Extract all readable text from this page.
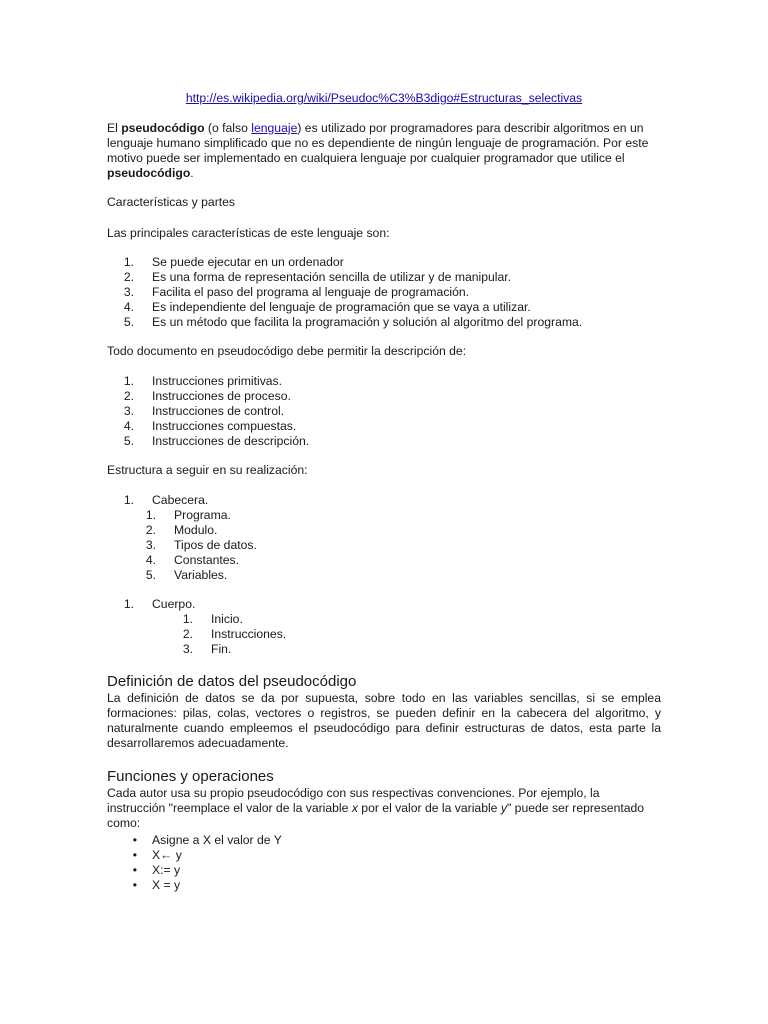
http://es.wikipedia.org/wiki/Pseudoc%C3%B3digo#Estructuras_selectivas

El pseudocódigo (o falso lenguaje) es utilizado por programadores para describir algoritmos en un lenguaje humano simplificado que no es dependiente de ningún lenguaje de programación. Por este motivo puede ser implementado en cualquiera lenguaje por cualquier programador que utilice el pseudocódigo.

Características y partes
Las principales características de este lenguaje son:
1. Se puede ejecutar en un ordenador
2. Es una forma de representación sencilla de utilizar y de manipular.
3. Facilita el paso del programa al lenguaje de programación.
4. Es independiente del lenguaje de programación que se vaya a utilizar.
5. Es un método que facilita la programación y solución al algoritmo del programa.
Todo documento en pseudocódigo debe permitir la descripción de:
1. Instrucciones primitivas.
2. Instrucciones de proceso.
3. Instrucciones de control.
4. Instrucciones compuestas.
5. Instrucciones de descripción.
Estructura a seguir en su realización:
1. Cabecera.
1. Programa.
2. Modulo.
3. Tipos de datos.
4. Constantes.
5. Variables.
1. Cuerpo.
1. Inicio.
2. Instrucciones.
3. Fin.
Definición de datos del pseudocódigo

La definición de datos se da por supuesta, sobre todo en las variables sencillas, si se emplea formaciones: pilas, colas, vectores o registros, se pueden definir en la cabecera del algoritmo, y naturalmente cuando empleemos el pseudocódigo para definir estructuras de datos, esta parte la desarrollaremos adecuadamente.

Funciones y operaciones

Cada autor usa su propio pseudocódigo con sus respectivas convenciones. Por ejemplo, la instrucción "reemplace el valor de la variable x por el valor de la variable y" puede ser representado como:

• Asigne a X el valor de Y
• X← y
• X:= y
• X = y
